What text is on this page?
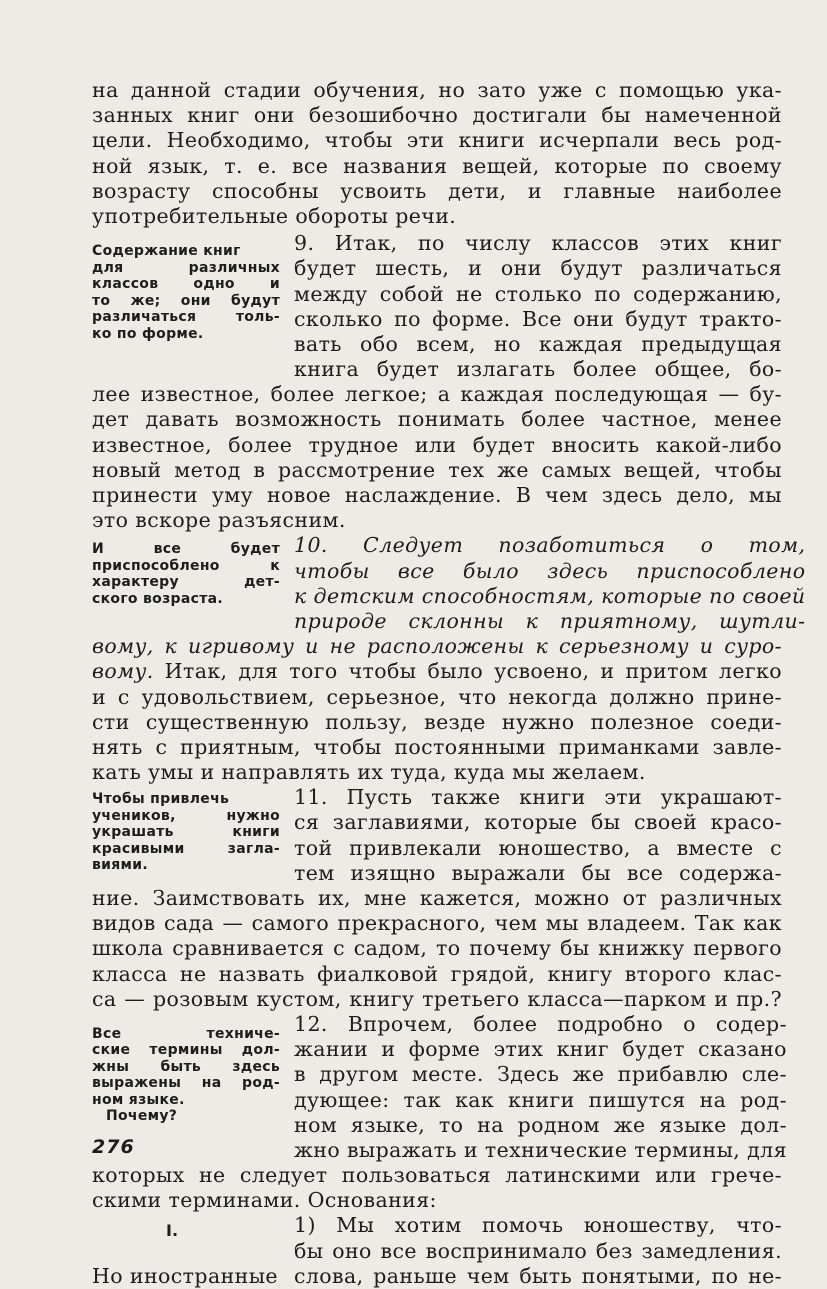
на данной стадии обучения, но зато уже с помощью ука-
занных книг они безошибочно достигали бы намеченной
цели. Необходимо, чтобы эти книги исчерпали весь род-
ной язык, т. е. все названия вещей, которые по своему
возрасту способны усвоить дети, и главные наиболее
употребительные обороты речи.
Содержание книг
для различных
классов одно и
то же; они будут
различаться толь-
ко по форме.
9. Итак, по числу классов этих книг
будет шесть, и они будут различаться
между собой не столько по содержанию,
сколько по форме. Все они будут тракто-
вать обо всем, но каждая предыдущая
книга будет излагать более общее, бо-
лее известное, более легкое; а каждая последующая — бу-
дет давать возможность понимать более частное, менее
известное, более трудное или будет вносить какой-либо
новый метод в рассмотрение тех же самых вещей, чтобы
принести уму новое наслаждение. В чем здесь дело, мы
это вскоре разъясним.
И все будет
приспособлено к
характеру дет-
ского возраста.
10. Следует позаботиться о том,
чтобы все было здесь приспособлено
к детским способностям, которые по своей
природе склонны к приятному, шутли-
вому, к игривому и не расположены к серьезному и суро-
вому. Итак, для того чтобы было усвоено, и притом легко
и с удовольствием, серьезное, что некогда должно прине-
сти существенную пользу, везде нужно полезное соеди-
нять с приятным, чтобы постоянными приманками завле-
кать умы и направлять их туда, куда мы желаем.
Чтобы привлечь
учеников, нужно
украшать книги
красивыми загла-
виями.
11. Пусть также книги эти украшают-
ся заглавиями, которые бы своей красо-
той привлекали юношество, а вместе с
тем изящно выражали бы все содержа-
ние. Заимствовать их, мне кажется, можно от различных
видов сада — самого прекрасного, чем мы владеем. Так как
школа сравнивается с садом, то почему бы книжку первого
класса не назвать фиалковой грядой, книгу второго клас-
са — розовым кустом, книгу третьего класса—парком и пр.?
Все техниче-
ские термины дол-
жны быть здесь
выражены на род-
ном языке.
Почему?
12. Впрочем, более подробно о содер-
жании и форме этих книг будет сказано
в другом месте. Здесь же прибавлю сле-
дующее: так как книги пишутся на род-
ном языке, то на родном же языке дол-
жно выражать и технические термины, для
которых не следует пользоваться латинскими или грече-
скими терминами. Основания:
I.	1) Мы хотим помочь юношеству, что-
бы оно все воспринимало без замедления.
Но иностранные слова, раньше чем быть понятыми, по не-
276
